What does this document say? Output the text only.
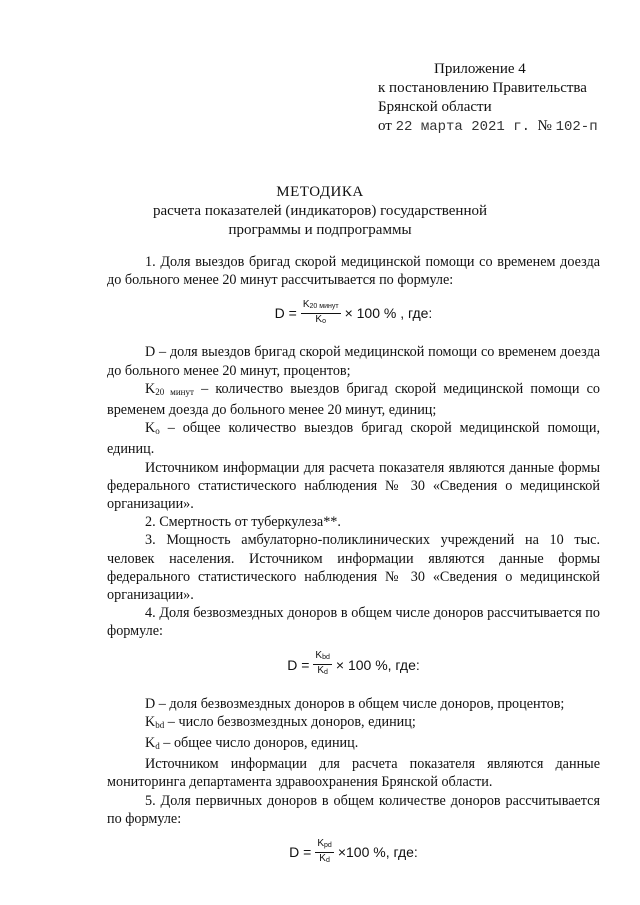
Приложение 4
к постановлению Правительства
Брянской области
от 22 марта 2021 г. № 102-п
МЕТОДИКА
расчета показателей (индикаторов) государственной
программы и подпрограммы

1. Доля выездов бригад скорой медицинской помощи со временем доезда до больного менее 20 минут рассчитывается по формуле:

$D = \frac{\text{K20 минут}}{Ko} \times 100$ % , где:

D – доля выездов бригад скорой медицинской помощи со временем доезда до больного менее 20 минут, процентов;

K20 минут – количество выездов бригад скорой медицинской помощи со временем доезда до больного менее 20 минут, единиц;

Ko – общее количество выездов бригад скорой медицинской помощи, единиц.

Источником информации для расчета показателя являются данные формы федерального статистического наблюдения № 30 «Сведения о медицинской организации».

2. Смертность от туберкулеза**.

3. Мощность амбулаторно-поликлинических учреждений на 10 тыс. человек населения. Источником информации являются данные формы федерального статистического наблюдения № 30 «Сведения о медицинской организации».

4. Доля безвозмездных доноров в общем числе доноров рассчитывается по формуле:

$D = \frac{\text{Kbd}}{Kd} \times 100$ %, где:

D – доля безвозмездных доноров в общем числе доноров, процентов;

Kbd – число безвозмездных доноров, единиц;

Kd – общее число доноров, единиц.

Источником информации для расчета показателя являются данные мониторинга департамента здравоохранения Брянской области.

5. Доля первичных доноров в общем количестве доноров рассчитывается по формуле:

$D = \frac{\text{Kpd}}{Kd} \times 100$ %, где:
